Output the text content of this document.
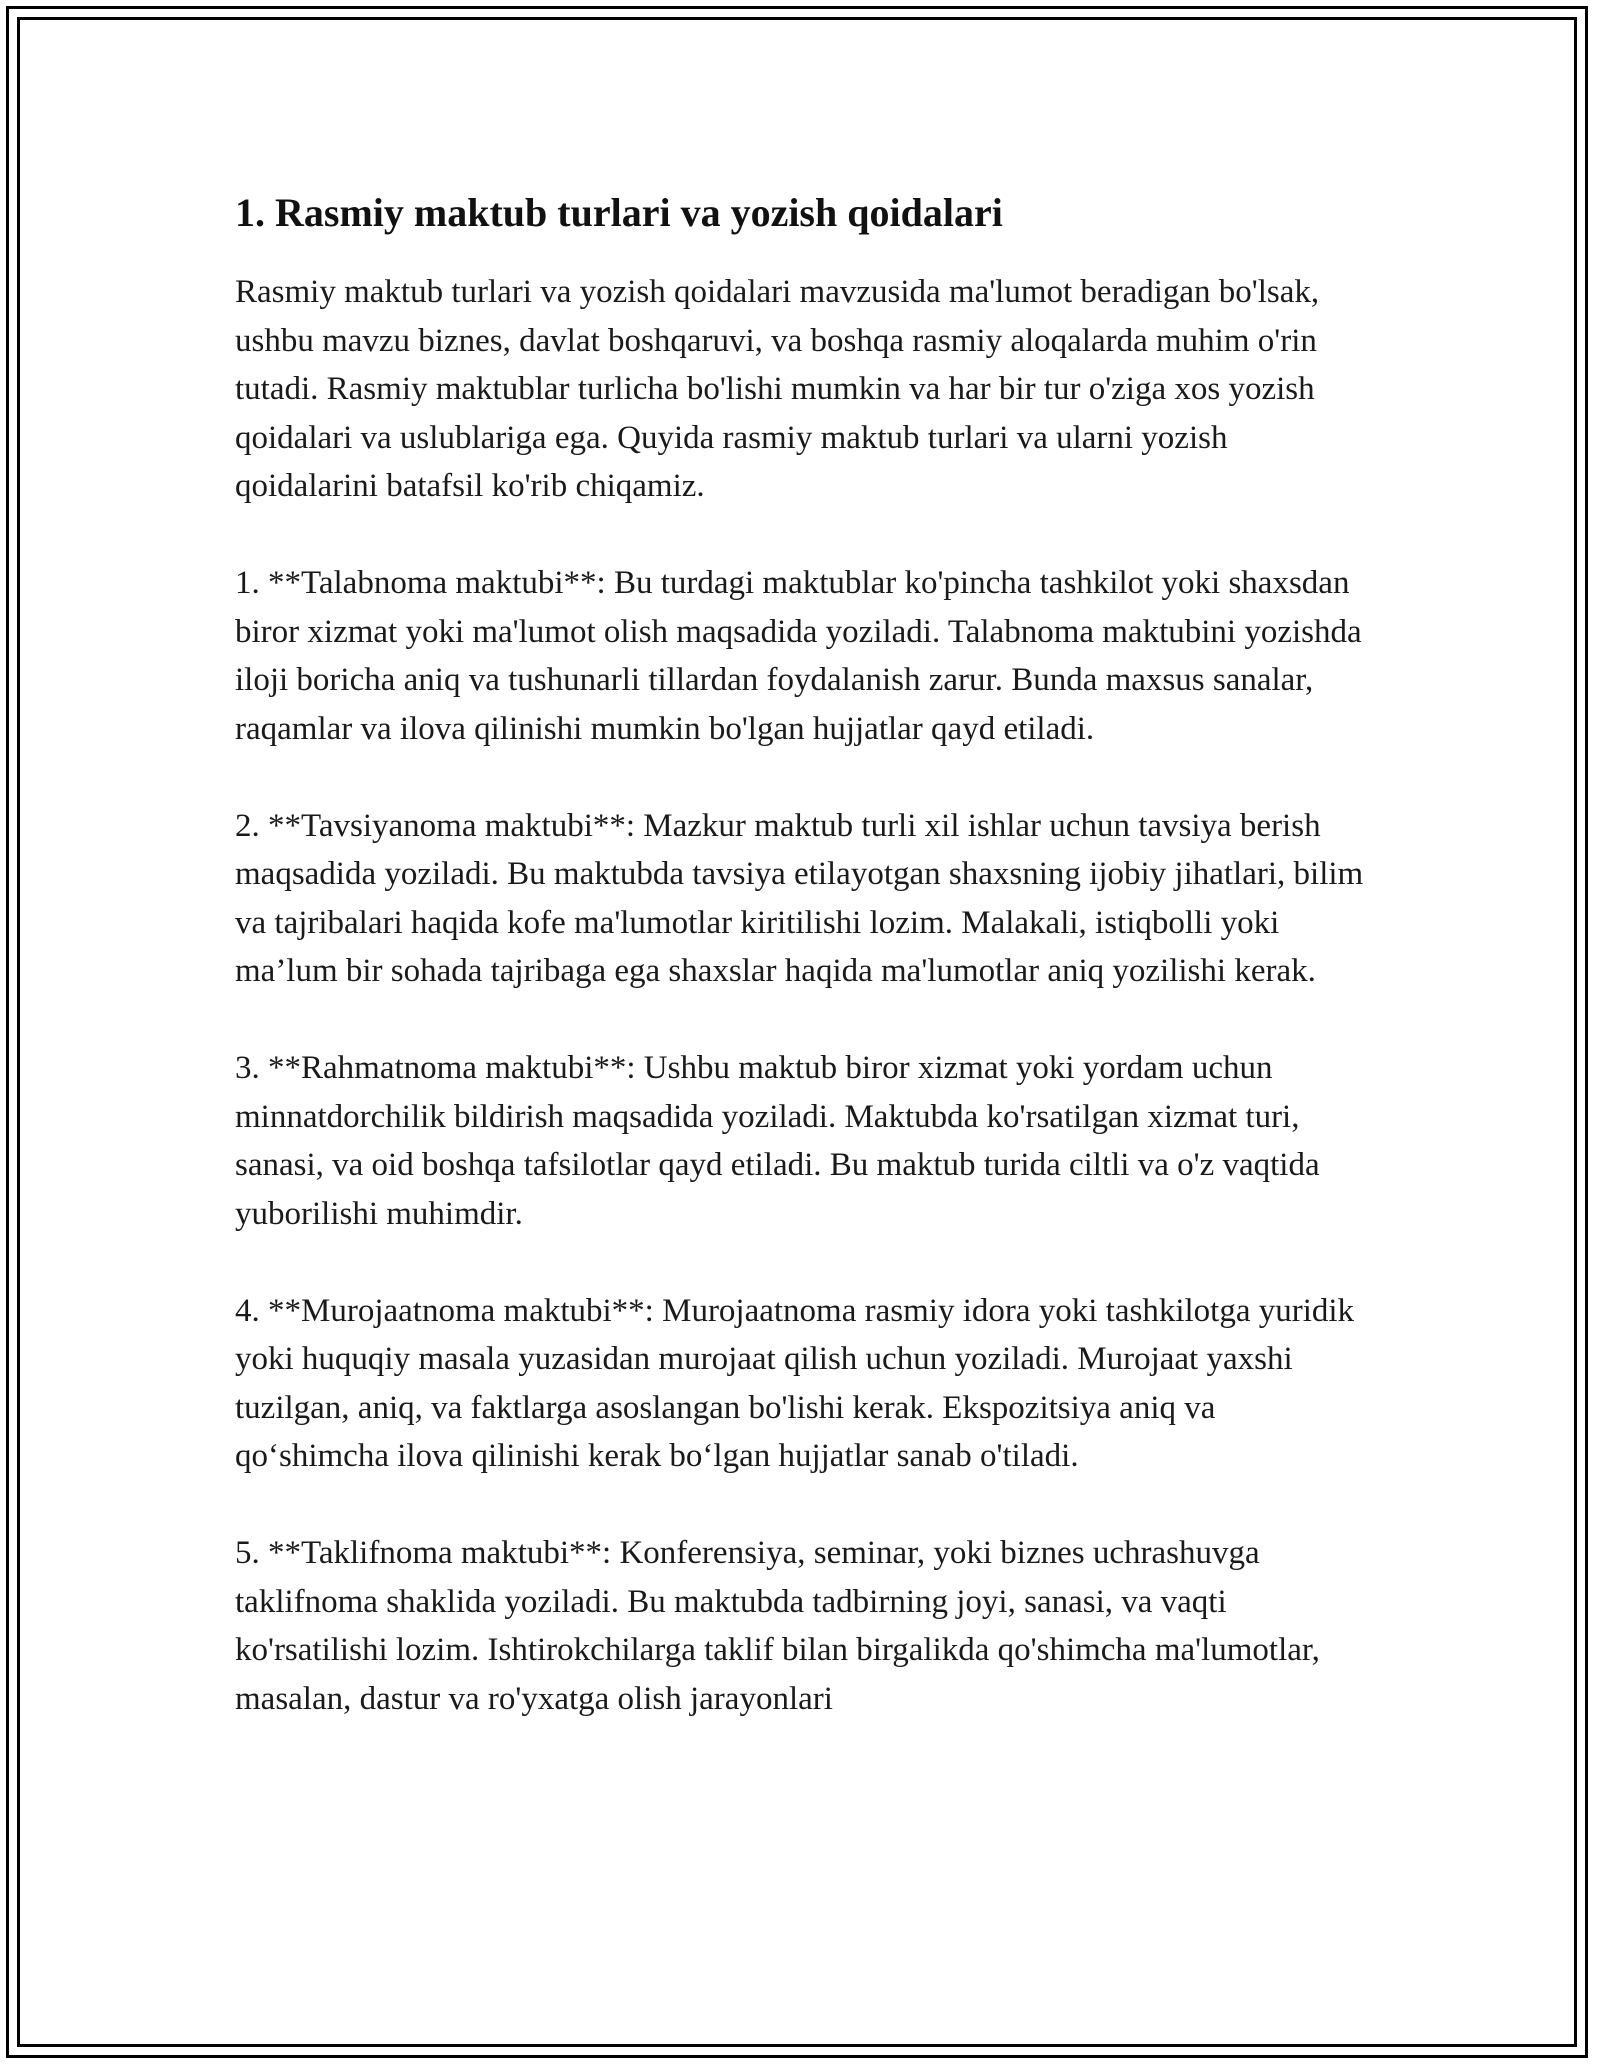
1. Rasmiy maktub turlari va yozish qoidalari

Rasmiy maktub turlari va yozish qoidalari mavzusida ma'lumot beradigan bo'lsak, ushbu mavzu biznes, davlat boshqaruvi, va boshqa rasmiy aloqalarda muhim o'rin tutadi. Rasmiy maktublar turlicha bo'lishi mumkin va har bir tur o'ziga xos yozish qoidalari va uslublariga ega. Quyida rasmiy maktub turlari va ularni yozish qoidalarini batafsil ko'rib chiqamiz.

1. **Talabnoma maktubi**: Bu turdagi maktublar ko'pincha tashkilot yoki shaxsdan biror xizmat yoki ma'lumot olish maqsadida yoziladi. Talabnoma maktubini yozishda iloji boricha aniq va tushunarli tillardan foydalanish zarur. Bunda maxsus sanalar, raqamlar va ilova qilinishi mumkin bo'lgan hujjatlar qayd etiladi.

2. **Tavsiyanoma maktubi**: Mazkur maktub turli xil ishlar uchun tavsiya berish maqsadida yoziladi. Bu maktubda tavsiya etilayotgan shaxsning ijobiy jihatlari, bilim va tajribalari haqida kofe ma'lumotlar kiritilishi lozim. Malakali, istiqbolli yoki ma’lum bir sohada tajribaga ega shaxslar haqida ma'lumotlar aniq yozilishi kerak.

3. **Rahmatnoma maktubi**: Ushbu maktub biror xizmat yoki yordam uchun minnatdorchilik bildirish maqsadida yoziladi. Maktubda ko'rsatilgan xizmat turi, sanasi, va oid boshqa tafsilotlar qayd etiladi. Bu maktub turida ciltli va o'z vaqtida yuborilishi muhimdir.

4. **Murojaatnoma maktubi**: Murojaatnoma rasmiy idora yoki tashkilotga yuridik yoki huquqiy masala yuzasidan murojaat qilish uchun yoziladi. Murojaat yaxshi tuzilgan, aniq, va faktlarga asoslangan bo'lishi kerak. Ekspozitsiya aniq va qo‘shimcha ilova qilinishi kerak bo‘lgan hujjatlar sanab o'tiladi.

5. **Taklifnoma maktubi**: Konferensiya, seminar, yoki biznes uchrashuvga taklifnoma shaklida yoziladi. Bu maktubda tadbirning joyi, sanasi, va vaqti ko'rsatilishi lozim. Ishtirokchilarga taklif bilan birgalikda qo'shimcha ma'lumotlar, masalan, dastur va ro'yxatga olish jarayonlari
